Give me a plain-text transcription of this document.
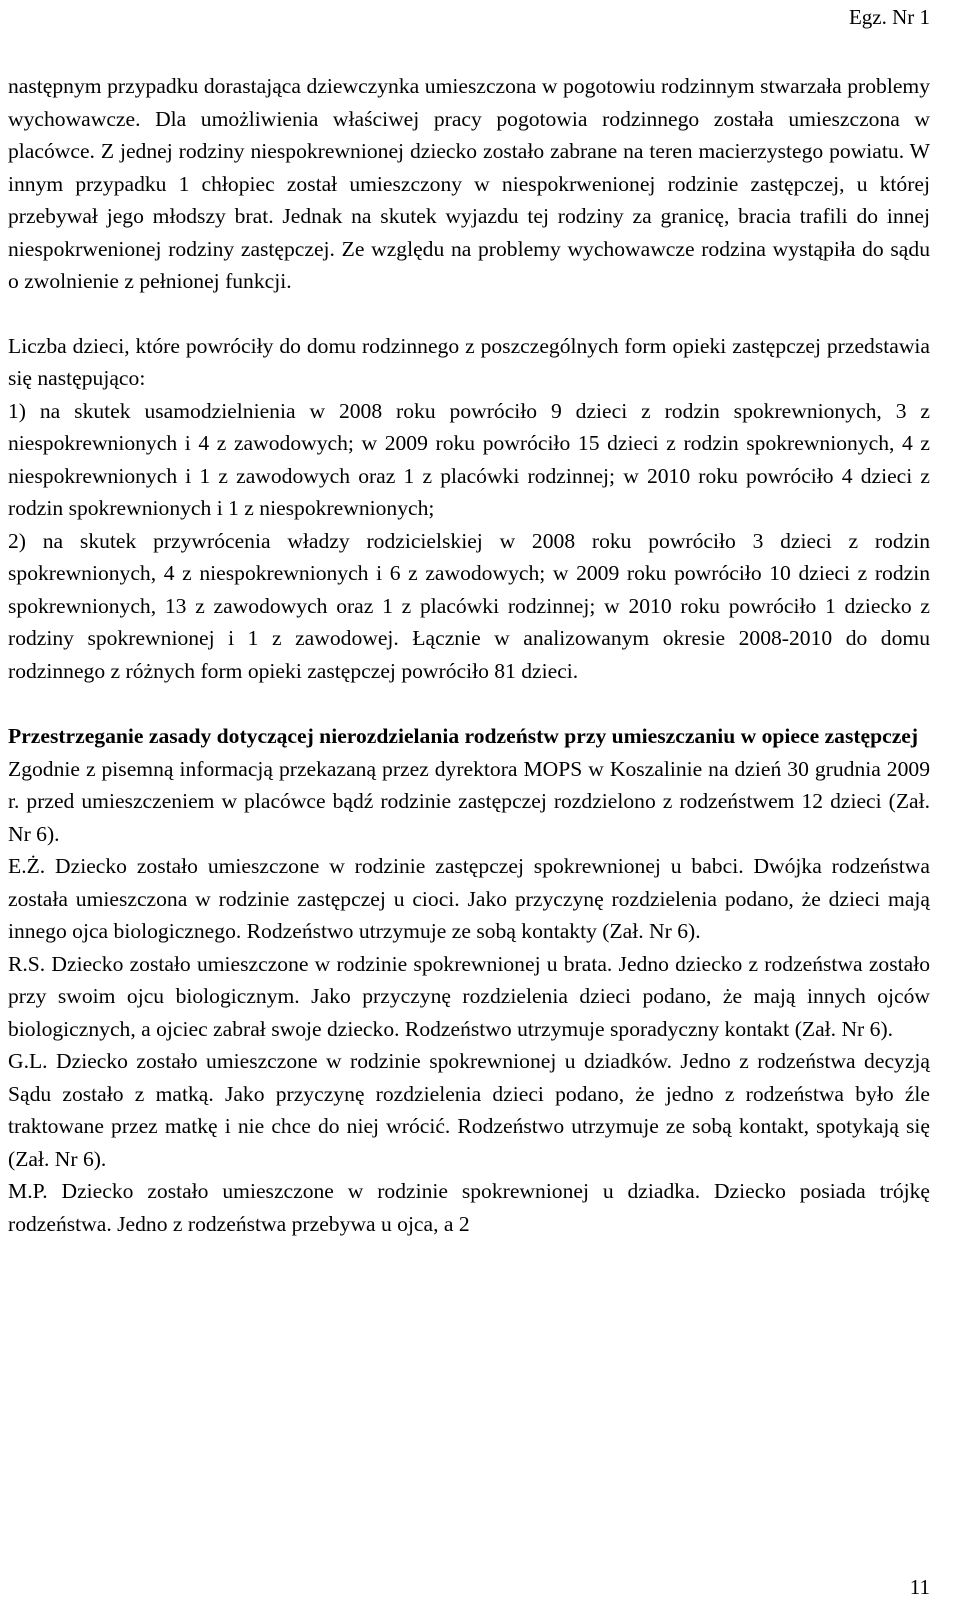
Egz. Nr 1

następnym przypadku dorastająca dziewczynka umieszczona w pogotowiu rodzinnym stwarzała problemy wychowawcze. Dla umożliwienia właściwej pracy pogotowia rodzinnego została umieszczona w placówce. Z jednej rodziny niespokrewnionej dziecko zostało zabrane na teren macierzystego powiatu. W innym przypadku 1 chłopiec został umieszczony w niespokrwenionej rodzinie zastępczej, u której przebywał jego młodszy brat. Jednak na skutek wyjazdu tej rodziny za granicę, bracia trafili do innej niespokrwenionej rodziny zastępczej. Ze względu na problemy wychowawcze rodzina wystąpiła do sądu o zwolnienie z pełnionej funkcji.

Liczba dzieci, które powróciły do domu rodzinnego z poszczególnych form opieki zastępczej przedstawia się następująco:

1) na skutek usamodzielnienia w 2008 roku powróciło 9 dzieci z rodzin spokrewnionych, 3 z niespokrewnionych i 4 z zawodowych; w 2009 roku powróciło 15 dzieci z rodzin spokrewnionych, 4 z niespokrewnionych i 1 z zawodowych oraz 1 z placówki rodzinnej; w 2010 roku powróciło 4 dzieci z rodzin spokrewnionych i 1 z niespokrewnionych;

2) na skutek przywrócenia władzy rodzicielskiej w 2008 roku powróciło 3 dzieci z rodzin spokrewnionych, 4 z niespokrewnionych i 6 z zawodowych; w 2009 roku powróciło 10 dzieci z rodzin spokrewnionych, 13 z zawodowych oraz 1 z placówki rodzinnej; w 2010 roku powróciło 1 dziecko z rodziny spokrewnionej i 1 z zawodowej. Łącznie w analizowanym okresie 2008-2010 do domu rodzinnego z różnych form opieki zastępczej powróciło 81 dzieci.

Przestrzeganie zasady dotyczącej nierozdzielania rodzeństw przy umieszczaniu w opiece zastępczej

Zgodnie z pisemną informacją przekazaną przez dyrektora MOPS w Koszalinie na dzień 30 grudnia 2009 r. przed umieszczeniem w placówce bądź rodzinie zastępczej rozdzielono z rodzeństwem 12 dzieci (Zał. Nr 6).

E.Ż. Dziecko zostało umieszczone w rodzinie zastępczej spokrewnionej u babci. Dwójka rodzeństwa została umieszczona w rodzinie zastępczej u cioci. Jako przyczynę rozdzielenia podano, że dzieci mają innego ojca biologicznego. Rodzeństwo utrzymuje ze sobą kontakty (Zał. Nr 6).

R.S. Dziecko zostało umieszczone w rodzinie spokrewnionej u brata. Jedno dziecko z rodzeństwa zostało przy swoim ojcu biologicznym. Jako przyczynę rozdzielenia dzieci podano, że mają innych ojców biologicznych, a ojciec zabrał swoje dziecko. Rodzeństwo utrzymuje sporadyczny kontakt (Zał. Nr 6).

G.L. Dziecko zostało umieszczone w rodzinie spokrewnionej u dziadków. Jedno z rodzeństwa decyzją Sądu zostało z matką. Jako przyczynę rozdzielenia dzieci podano, że jedno z rodzeństwa było źle traktowane przez matkę i nie chce do niej wrócić. Rodzeństwo utrzymuje ze sobą kontakt, spotykają się (Zał. Nr 6).

M.P. Dziecko zostało umieszczone w rodzinie spokrewnionej u dziadka. Dziecko posiada trójkę rodzeństwa. Jedno z rodzeństwa przebywa u ojca, a 2

11
